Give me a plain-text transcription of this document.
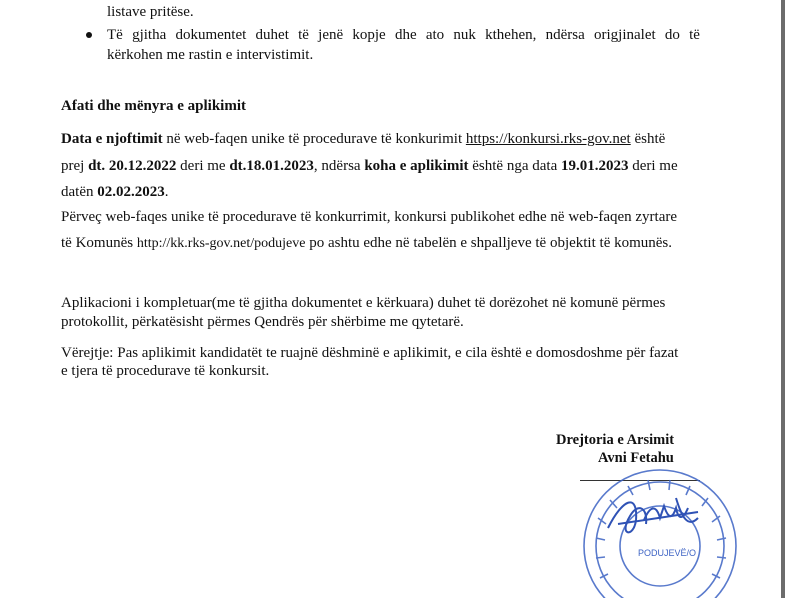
listave pritëse.
Të gjitha dokumentet duhet të jenë kopje dhe ato nuk kthehen, ndërsa origjinalet do të
kërkohen me rastin e intervistimit.
Afati dhe mënyra e aplikimit
Data e njoftimit në web-faqen unike të procedurave të konkurimit https://konkursi.rks-gov.net është
prej dt. 20.12.2022 deri me dt.18.01.2023, ndërsa koha e aplikimit është nga data 19.01.2023 deri me
datën 02.02.2023.
Përveç web-faqes unike të procedurave të konkurrimit, konkursi publikohet edhe në web-faqen zyrtare
të Komunës http://kk.rks-gov.net/podujeve po ashtu edhe në tabelën e shpalljeve të objektit të komunës.
Aplikacioni i kompletuar(me të gjitha dokumentet e kërkuara) duhet të dorëzohet në komunë përmes
protokollit, përkatësisht përmes Qendrës për shërbime me qytetarë.
Vërejtje: Pas aplikimit kandidatët te ruajnë dëshminë e aplikimit, e cila është e domosdoshme për fazat
e tjera të procedurave të konkursit.
Drejtoria e Arsimit
Avni Fetahu
PODUJEVË/O
